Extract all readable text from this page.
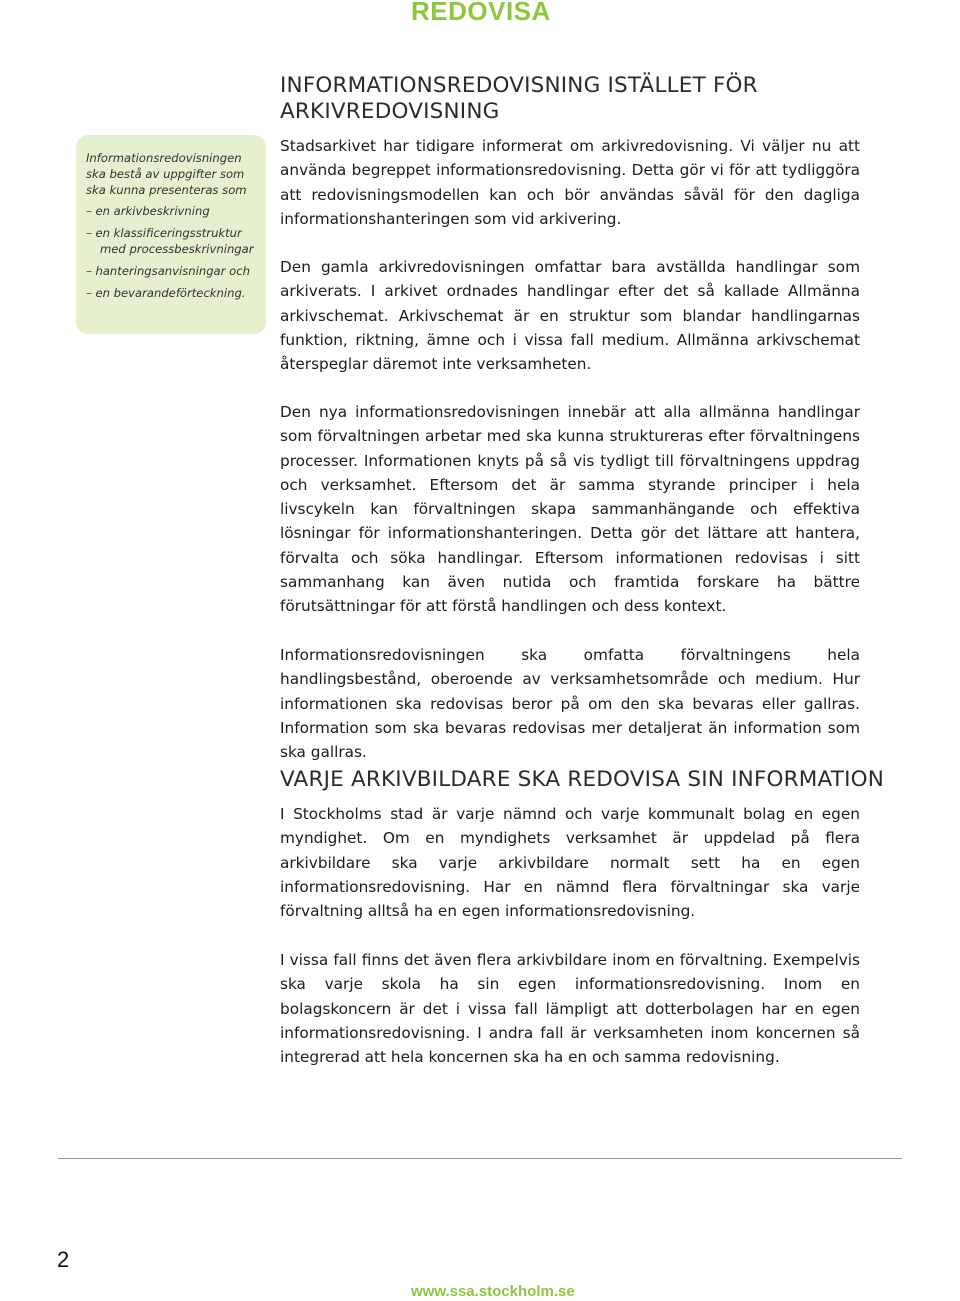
REDOVISA

Informationsredovisningen ska bestå av uppgifter som ska kunna presenteras som

– en arkivbeskrivning
– en klassificeringsstruktur med processbeskrivningar
– hanteringsanvisningar och
– en bevarandeförteckning.
INFORMATIONSREDOVISNING ISTÄLLET FÖR ARKIVREDOVISNING

Stadsarkivet har tidigare informerat om arkivredovisning. Vi väljer nu att använda begreppet informationsredovisning. Detta gör vi för att tydliggöra att redovisningsmodellen kan och bör användas såväl för den dagliga informationshanteringen som vid arkivering.

Den gamla arkivredovisningen omfattar bara avställda handlingar som arkiverats. I arkivet ordnades handlingar efter det så kallade Allmänna arkivschemat. Arkivschemat är en struktur som blandar handlingarnas funktion, riktning, ämne och i vissa fall medium. Allmänna arkivschemat återspeglar däremot inte verksamheten.

Den nya informationsredovisningen innebär att alla allmänna handlingar som förvaltningen arbetar med ska kunna struktureras efter förvaltningens processer. Informationen knyts på så vis tydligt till förvaltningens uppdrag och verksamhet. Eftersom det är samma styrande principer i hela livscykeln kan förvaltningen skapa sammanhängande och effektiva lösningar för informationshanteringen. Detta gör det lättare att hantera, förvalta och söka handlingar. Eftersom informationen redovisas i sitt sammanhang kan även nutida och framtida forskare ha bättre förutsättningar för att förstå handlingen och dess kontext.

Informationsredovisningen ska omfatta förvaltningens hela handlingsbestånd, oberoende av verksamhetsområde och medium. Hur informationen ska redovisas beror på om den ska bevaras eller gallras. Information som ska bevaras redovisas mer detaljerat än information som ska gallras.

VARJE ARKIVBILDARE SKA REDOVISA SIN INFORMATION

I Stockholms stad är varje nämnd och varje kommunalt bolag en egen myndighet. Om en myndighets verksamhet är uppdelad på flera arkivbildare ska varje arkivbildare normalt sett ha en egen informationsredovisning. Har en nämnd flera förvaltningar ska varje förvaltning alltså ha en egen informationsredovisning.

I vissa fall finns det även flera arkivbildare inom en förvaltning. Exempelvis ska varje skola ha sin egen informationsredovisning. Inom en bolagskoncern är det i vissa fall lämpligt att dotterbolagen har en egen informationsredovisning. I andra fall är verksamheten inom koncernen så integrerad att hela koncernen ska ha en och samma redovisning.

2
www.ssa.stockholm.se
